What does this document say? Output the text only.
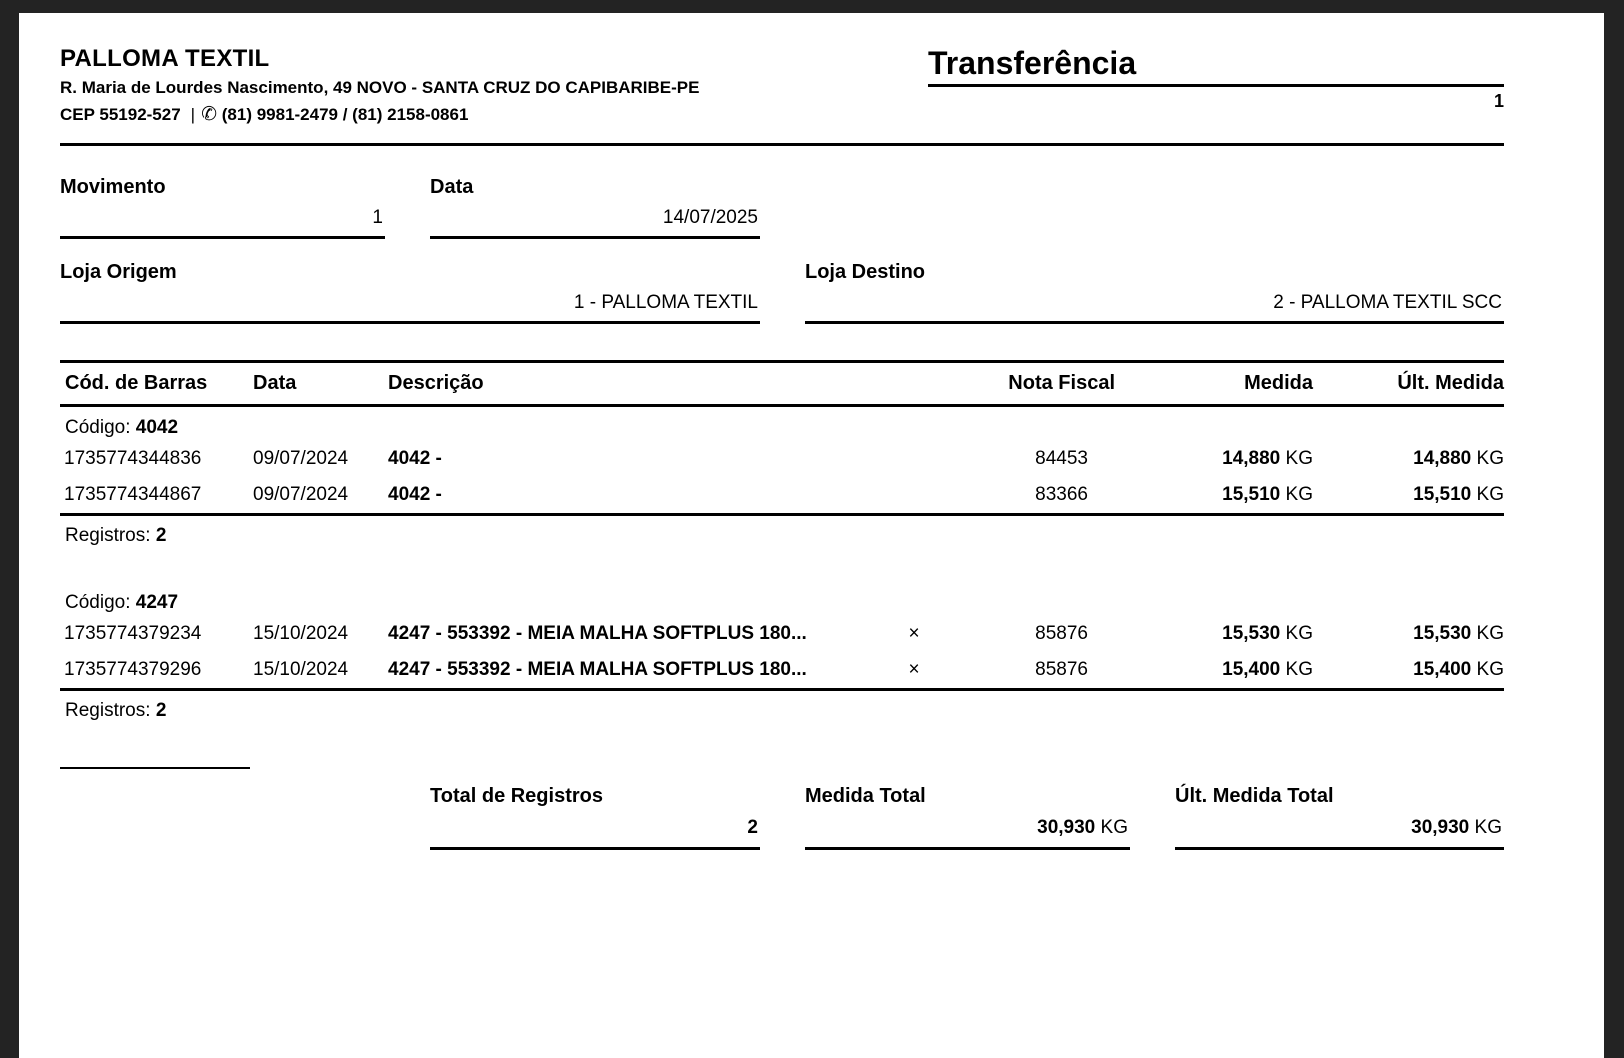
PALLOMA TEXTIL
R. Maria de Lourdes Nascimento, 49 NOVO - SANTA CRUZ DO CAPIBARIBE-PE
CEP 55192-527 | ✆ (81) 9981-2479 / (81) 2158-0861
Transferência
1
Movimento
1
Data
14/07/2025
Loja Origem
1 - PALLOMA TEXTIL
Loja Destino
2 - PALLOMA TEXTIL SCC
Cód. de Barras	Data	Descrição	Nota Fiscal	Medida	Últ. Medida
Código: 4042
1735774344836	09/07/2024	4042 -	84453	14,880 KG	14,880 KG
1735774344867	09/07/2024	4042 -	83366	15,510 KG	15,510 KG
Registros: 2
Código: 4247
1735774379234	15/10/2024	4247 - 553392 - MEIA MALHA SOFTPLUS 180...	×	85876	15,530 KG	15,530 KG
1735774379296	15/10/2024	4247 - 553392 - MEIA MALHA SOFTPLUS 180...	×	85876	15,400 KG	15,400 KG
Registros: 2
Total de Registros
2
Medida Total
30,930 KG
Últ. Medida Total
30,930 KG
